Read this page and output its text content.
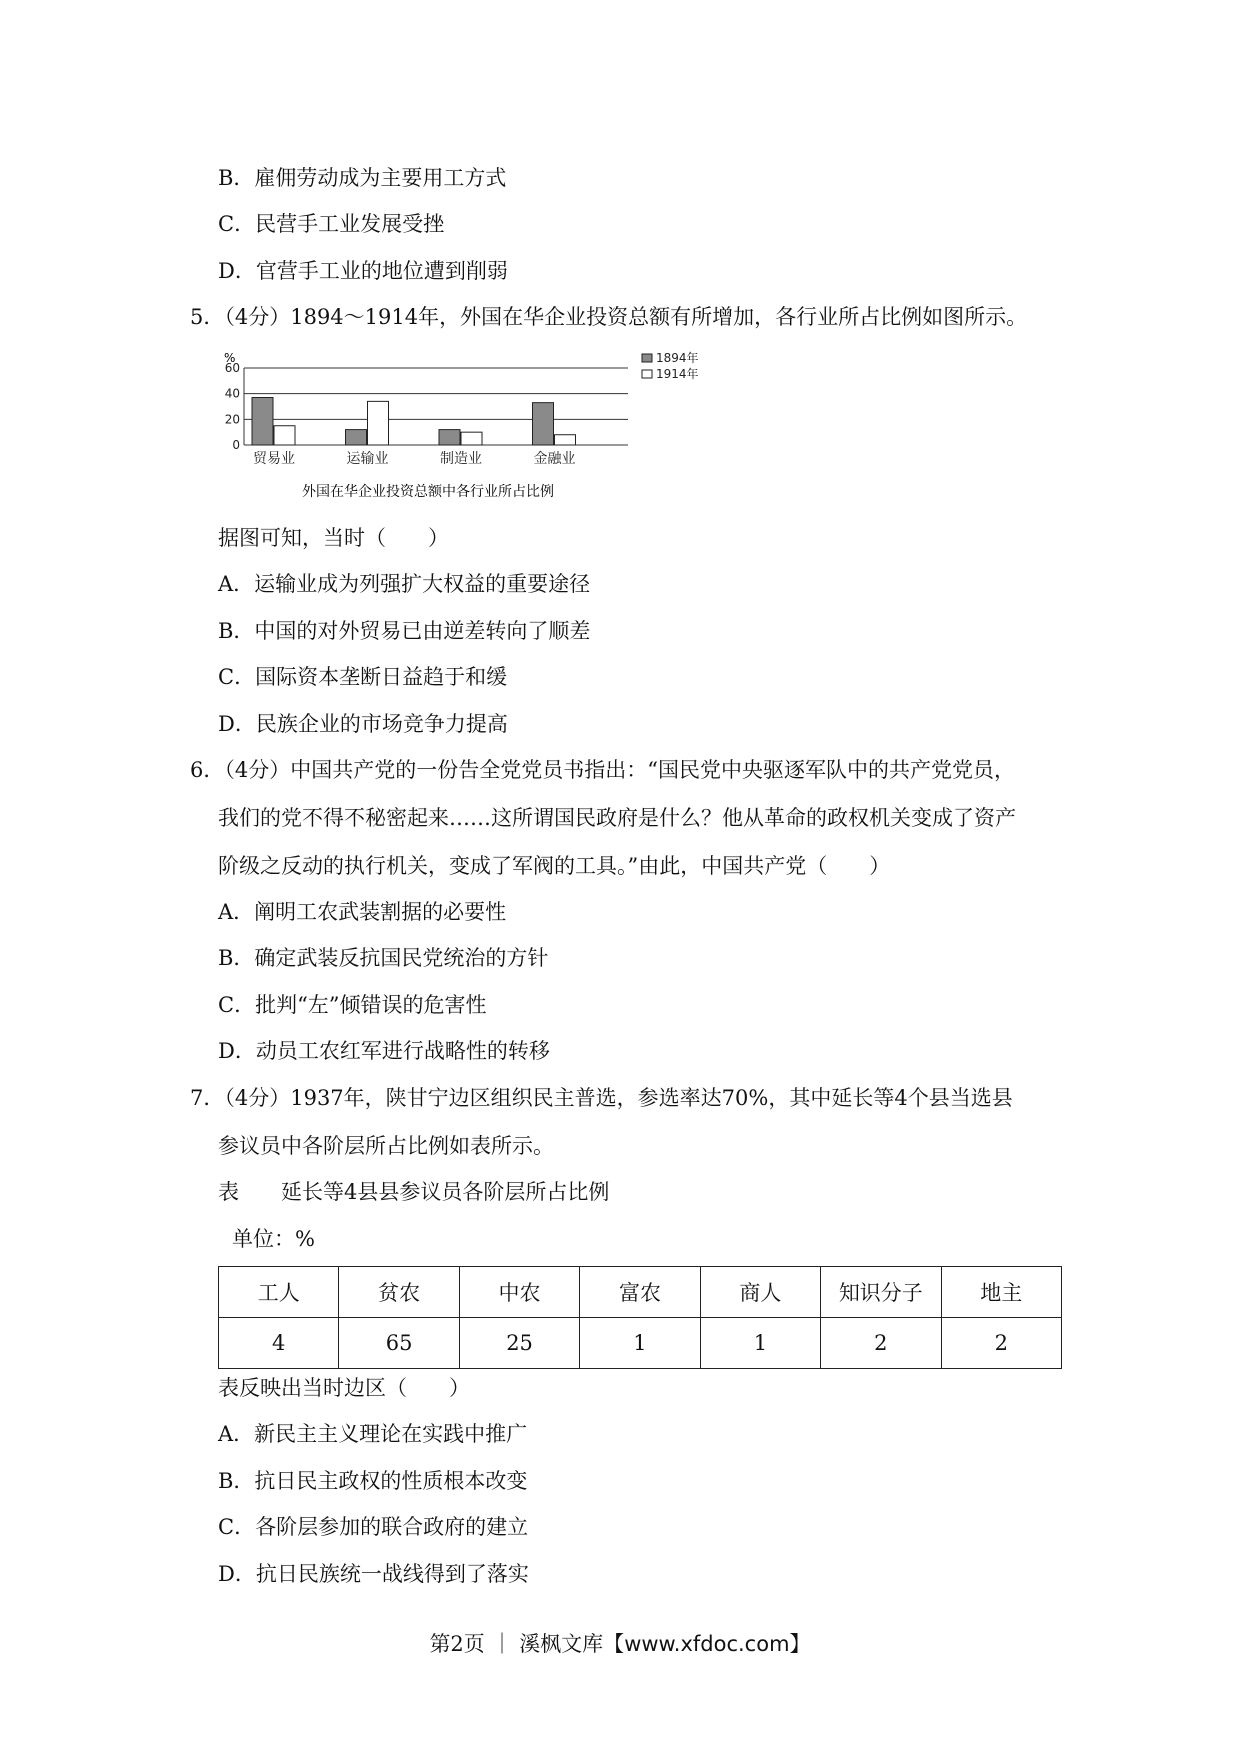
B．雇佣劳动成为主要用工方式
C．民营手工业发展受挫
D．官营手工业的地位遭到削弱
5．（4分）1894～1914年，外国在华企业投资总额有所增加，各行业所占比例如图所示。
0
20
40
60
贸易业	运输业	制造业	金融业
%	1894年
1914年
外国在华企业投资总额中各行业所占比例
据图可知，当时（　　）
A．运输业成为列强扩大权益的重要途径
B．中国的对外贸易已由逆差转向了顺差
C．国际资本垄断日益趋于和缓
D．民族企业的市场竞争力提高
6．（4分）中国共产党的一份告全党党员书指出：“国民党中央驱逐军队中的共产党党员，
我们的党不得不秘密起来……这所谓国民政府是什么？他从革命的政权机关变成了资产
阶级之反动的执行机关，变成了军阀的工具。”由此，中国共产党（　　）
A．阐明工农武装割据的必要性
B．确定武装反抗国民党统治的方针
C．批判“左”倾错误的危害性
D．动员工农红军进行战略性的转移
7．（4分）1937年，陕甘宁边区组织民主普选，参选率达70%，其中延长等4个县当选县
参议员中各阶层所占比例如表所示。
表　　延长等4县县参议员各阶层所占比例
单位：%
工人	贫农	中农	富农	商人	知识分子	地主
4	65	25	1	1	2	2
表反映出当时边区（　　）
A．新民主主义理论在实践中推广
B．抗日民主政权的性质根本改变
C．各阶层参加的联合政府的建立
D．抗日民族统一战线得到了落实
第2页 ｜ 溪枫文库【www.xfdoc.com】
